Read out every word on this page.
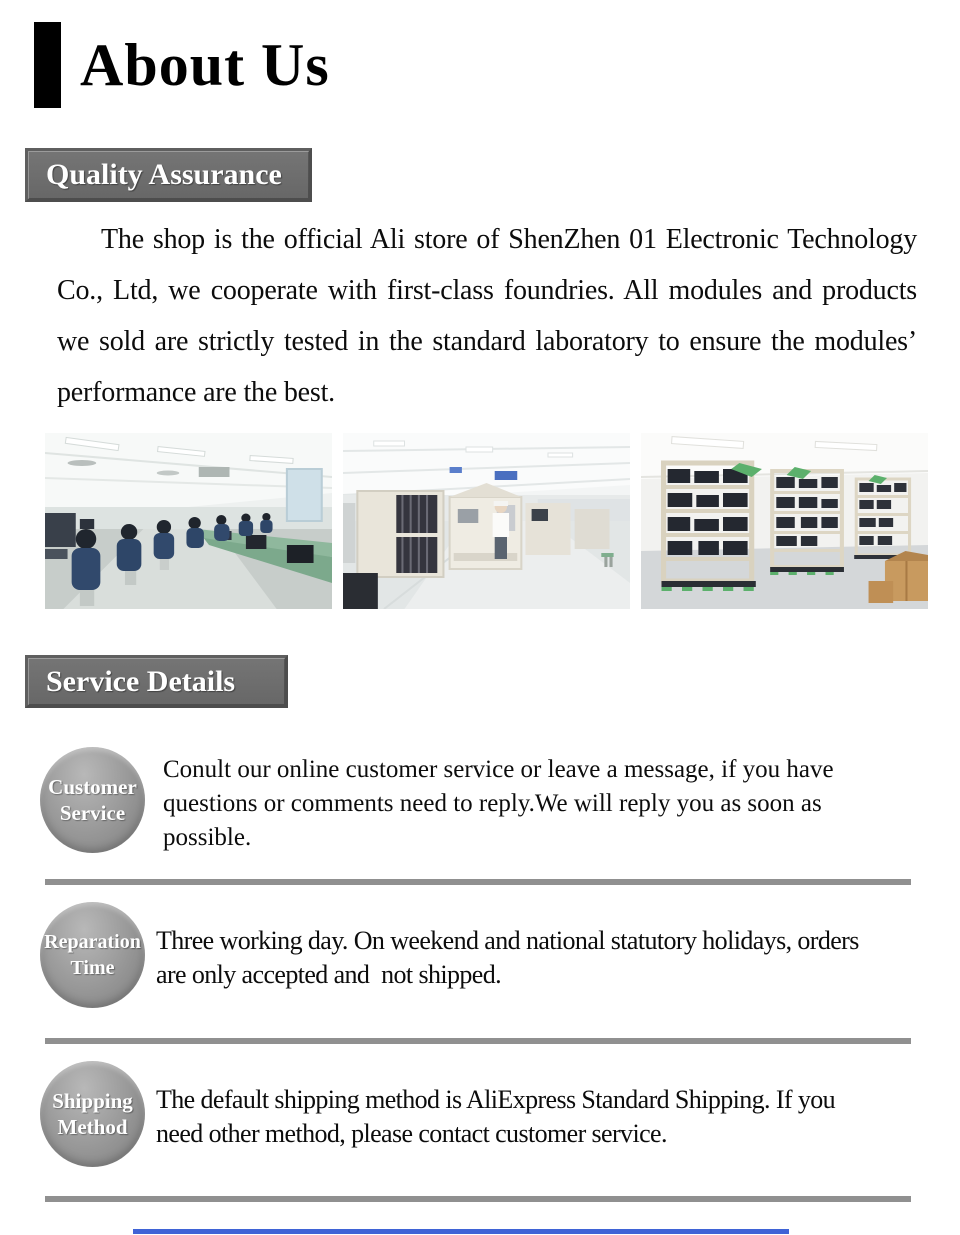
About Us
Quality Assurance

The shop is the official Ali store of ShenZhen 01 Electronic Technology Co., Ltd, we cooperate with first-class foundries. All modules and products we sold are strictly tested in the standard laboratory to ensure the modules’ performance are the best.

Service Details
Customer
Service
Conult our online customer service or leave a message, if you have questions or comments need to reply.We will reply you as soon as possible.
Reparation
Time
Three working day. On weekend and national statutory holidays, orders are only accepted and  not shipped.
Shipping
Method
The default shipping method is AliExpress Standard Shipping. If you need other method, please contact customer service.
